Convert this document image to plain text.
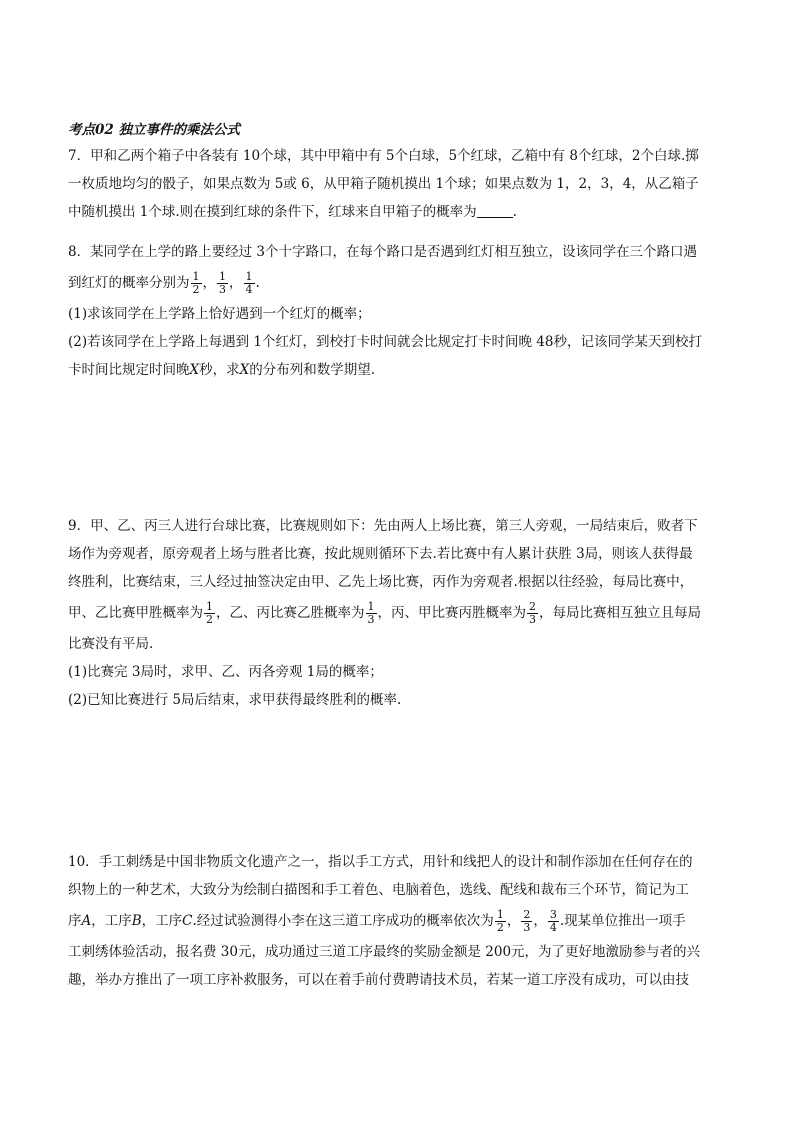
考点02 独立事件的乘法公式
7．甲和乙两个箱子中各装有 10个球，其中甲箱中有 5个白球，5个红球，乙箱中有 8个红球，2个白球.掷
一枚质地均匀的骰子，如果点数为 5或 6，从甲箱子随机摸出 1个球；如果点数为 1，2，3，4，从乙箱子
中随机摸出 1个球.则在摸到红球的条件下，红球来自甲箱子的概率为	.
8．某同学在上学的路上要经过 3个十字路口，在每个路口是否遇到红灯相互独立，设该同学在三个路口遇
到红灯的概率分别为 $\frac{1}{2}$ ， $\frac{1}{3}$ ， $\frac{1}{4}$ .
(1)求该同学在上学路上恰好遇到一个红灯的概率；
(2)若该同学在上学路上每遇到 1个红灯，到校打卡时间就会比规定打卡时间晚 48秒，记该同学某天到校打
卡时间比规定时间晚X秒，求X的分布列和数学期望.
9．甲、乙、丙三人进行台球比赛，比赛规则如下：先由两人上场比赛，第三人旁观，一局结束后，败者下
场作为旁观者，原旁观者上场与胜者比赛，按此规则循环下去.若比赛中有人累计获胜 3局，则该人获得最
终胜利，比赛结束，三人经过抽签决定由甲、乙先上场比赛，丙作为旁观者.根据以往经验，每局比赛中，
甲、乙比赛甲胜概率为 $\frac{1}{2}$ ，乙、丙比赛乙胜概率为 $\frac{1}{3}$ ，丙、甲比赛丙胜概率为 $\frac{2}{3}$ ，每局比赛相互独立且每局
比赛没有平局.
(1)比赛完 3局时，求甲、乙、丙各旁观 1局的概率；
(2)已知比赛进行 5局后结束，求甲获得最终胜利的概率.
10．手工刺绣是中国非物质文化遗产之一，指以手工方式，用针和线把人的设计和制作添加在任何存在的
织物上的一种艺术，大致分为绘制白描图和手工着色、电脑着色，选线、配线和裁布三个环节，简记为工
序A，工序B，工序C.经过试验测得小李在这三道工序成功的概率依次为 $\frac{1}{2}$ ， $\frac{2}{3}$ ， $\frac{3}{4}$ .现某单位推出一项手
工刺绣体验活动，报名费 30元，成功通过三道工序最终的奖励金额是 200元，为了更好地激励参与者的兴
趣，举办方推出了一项工序补救服务，可以在着手前付费聘请技术员，若某一道工序没有成功，可以由技
